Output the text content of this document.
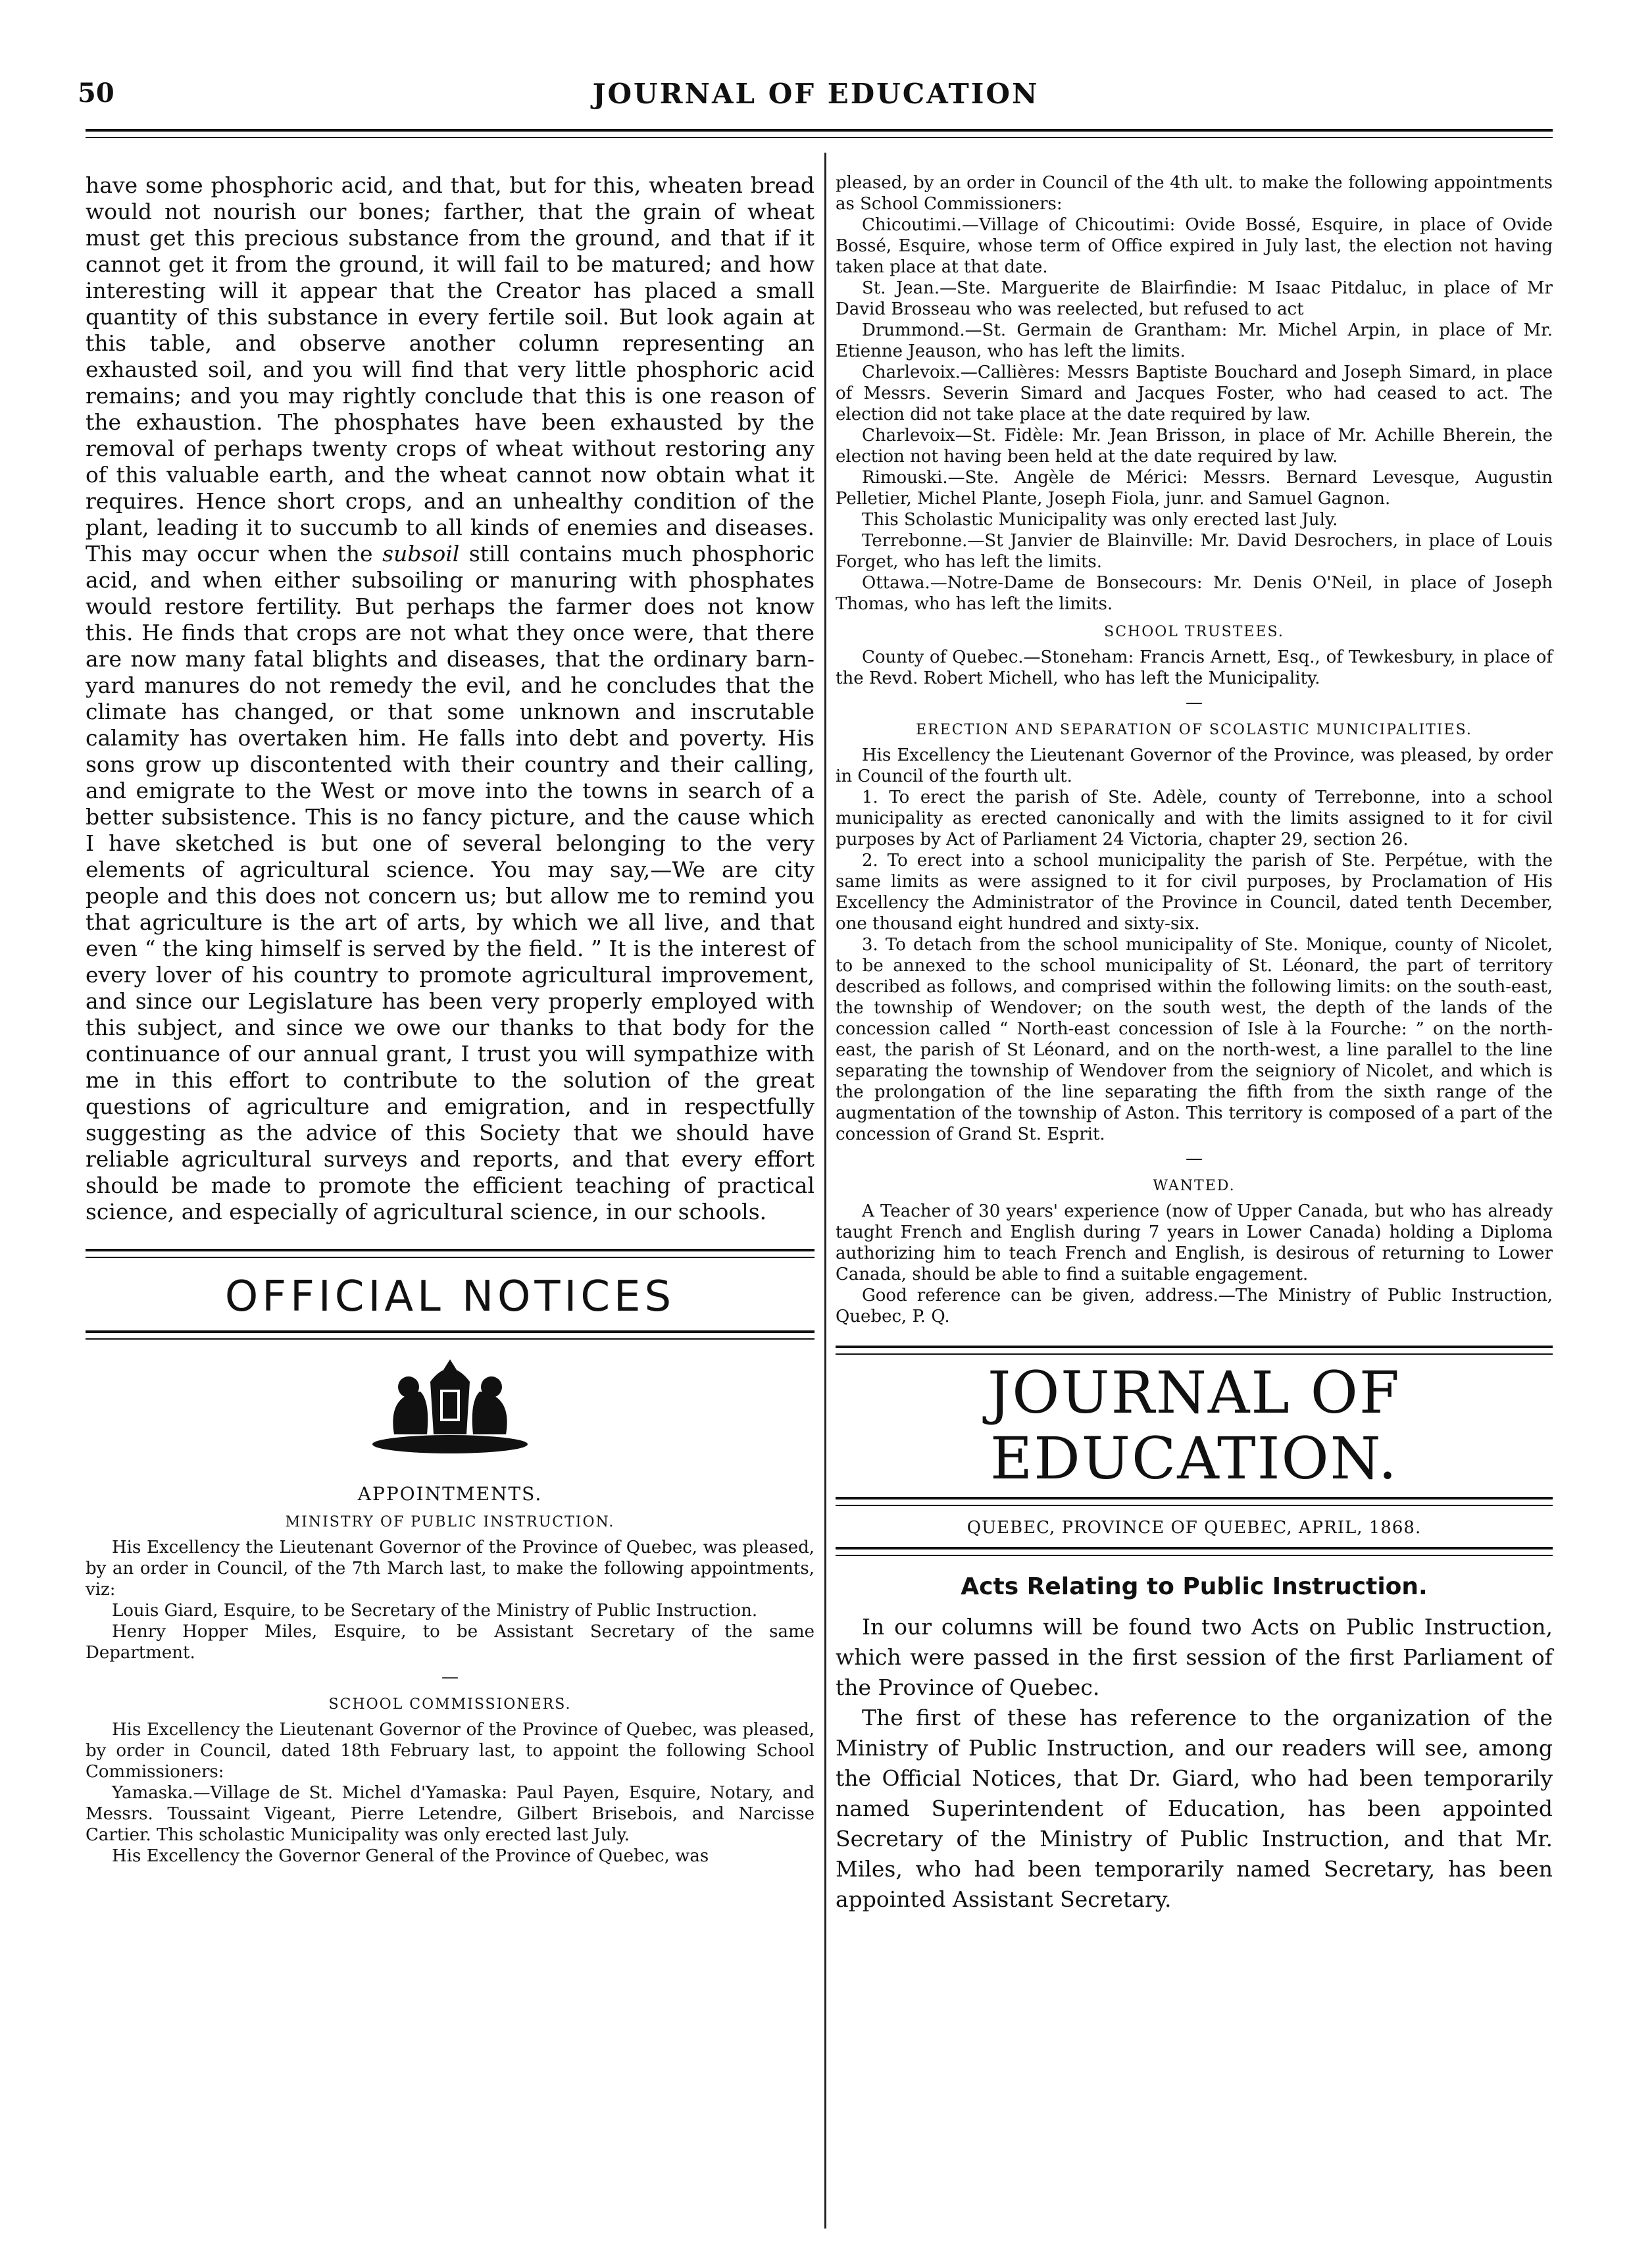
50	JOURNAL OF EDUCATION

have some phosphoric acid, and that, but for this, wheaten bread would not nourish our bones; farther, that the grain of wheat must get this precious substance from the ground, and that if it cannot get it from the ground, it will fail to be matured; and how interesting will it appear that the Creator has placed a small quantity of this substance in every fertile soil. But look again at this table, and observe another column representing an exhausted soil, and you will find that very little phosphoric acid remains; and you may rightly conclude that this is one reason of the exhaustion. The phosphates have been exhausted by the removal of perhaps twenty crops of wheat without restoring any of this valuable earth, and the wheat cannot now obtain what it requires. Hence short crops, and an unhealthy condition of the plant, leading it to succumb to all kinds of enemies and diseases. This may occur when the subsoil still contains much phosphoric acid, and when either subsoiling or manuring with phosphates would restore fertility. But perhaps the farmer does not know this. He finds that crops are not what they once were, that there are now many fatal blights and diseases, that the ordinary barn-yard manures do not remedy the evil, and he concludes that the climate has changed, or that some unknown and inscrutable calamity has overtaken him. He falls into debt and poverty. His sons grow up discontented with their country and their calling, and emigrate to the West or move into the towns in search of a better subsistence. This is no fancy picture, and the cause which I have sketched is but one of several belonging to the very elements of agricultural science. You may say,—We are city people and this does not concern us; but allow me to remind you that agriculture is the art of arts, by which we all live, and that even “ the king himself is served by the field. ” It is the interest of every lover of his country to promote agricultural improvement, and since our Legislature has been very properly employed with this subject, and since we owe our thanks to that body for the continuance of our annual grant, I trust you will sympathize with me in this effort to contribute to the solution of the great questions of agriculture and emigration, and in respectfully suggesting as the advice of this Society that we should have reliable agricultural surveys and reports, and that every effort should be made to promote the efficient teaching of practical science, and especially of agricultural science, in our schools.

OFFICIAL NOTICES
APPOINTMENTS.
MINISTRY OF PUBLIC INSTRUCTION.

His Excellency the Lieutenant Governor of the Province of Quebec, was pleased, by an order in Council, of the 7th March last, to make the following appointments, viz:

Louis Giard, Esquire, to be Secretary of the Ministry of Public Instruction.

Henry Hopper Miles, Esquire, to be Assistant Secretary of the same Department.

—
SCHOOL COMMISSIONERS.

His Excellency the Lieutenant Governor of the Province of Quebec, was pleased, by order in Council, dated 18th February last, to appoint the following School Commissioners:

Yamaska.—Village de St. Michel d'Yamaska: Paul Payen, Esquire, Notary, and Messrs. Toussaint Vigeant, Pierre Letendre, Gilbert Brisebois, and Narcisse Cartier. This scholastic Municipality was only erected last July.

His Excellency the Governor General of the Province of Quebec, was

pleased, by an order in Council of the 4th ult. to make the following appointments as School Commissioners:

Chicoutimi.—Village of Chicoutimi: Ovide Bossé, Esquire, in place of Ovide Bossé, Esquire, whose term of Office expired in July last, the election not having taken place at that date.

St. Jean.—Ste. Marguerite de Blairfindie: M Isaac Pitdaluc, in place of Mr David Brosseau who was reelected, but refused to act

Drummond.—St. Germain de Grantham: Mr. Michel Arpin, in place of Mr. Etienne Jeauson, who has left the limits.

Charlevoix.—Callières: Messrs Baptiste Bouchard and Joseph Simard, in place of Messrs. Severin Simard and Jacques Foster, who had ceased to act. The election did not take place at the date required by law.

Charlevoix—St. Fidèle: Mr. Jean Brisson, in place of Mr. Achille Bherein, the election not having been held at the date required by law.

Rimouski.—Ste. Angèle de Mérici: Messrs. Bernard Levesque, Augustin Pelletier, Michel Plante, Joseph Fiola, junr. and Samuel Gagnon.

This Scholastic Municipality was only erected last July.

Terrebonne.—St Janvier de Blainville: Mr. David Desrochers, in place of Louis Forget, who has left the limits.

Ottawa.—Notre-Dame de Bonsecours: Mr. Denis O'Neil, in place of Joseph Thomas, who has left the limits.

SCHOOL TRUSTEES.

County of Quebec.—Stoneham: Francis Arnett, Esq., of Tewkesbury, in place of the Revd. Robert Michell, who has left the Municipality.

—
ERECTION AND SEPARATION OF SCOLASTIC MUNICIPALITIES.

His Excellency the Lieutenant Governor of the Province, was pleased, by order in Council of the fourth ult.

1. To erect the parish of Ste. Adèle, county of Terrebonne, into a school municipality as erected canonically and with the limits assigned to it for civil purposes by Act of Parliament 24 Victoria, chapter 29, section 26.

2. To erect into a school municipality the parish of Ste. Perpétue, with the same limits as were assigned to it for civil purposes, by Proclamation of His Excellency the Administrator of the Province in Council, dated tenth December, one thousand eight hundred and sixty-six.

3. To detach from the school municipality of Ste. Monique, county of Nicolet, to be annexed to the school municipality of St. Léonard, the part of territory described as follows, and comprised within the following limits: on the south-east, the township of Wendover; on the south west, the depth of the lands of the concession called “ North-east concession of Isle à la Fourche: ” on the north-east, the parish of St Léonard, and on the north-west, a line parallel to the line separating the township of Wendover from the seigniory of Nicolet, and which is the prolongation of the line separating the fifth from the sixth range of the augmentation of the township of Aston. This territory is composed of a part of the concession of Grand St. Esprit.

—
WANTED.

A Teacher of 30 years' experience (now of Upper Canada, but who has already taught French and English during 7 years in Lower Canada) holding a Diploma authorizing him to teach French and English, is desirous of returning to Lower Canada, should be able to find a suitable engagement.

Good reference can be given, address.—The Ministry of Public Instruction, Quebec, P. Q.

JOURNAL OF EDUCATION.
QUEBEC, PROVINCE OF QUEBEC, APRIL, 1868.
Acts Relating to Public Instruction.

In our columns will be found two Acts on Public Instruction, which were passed in the first session of the first Parliament of the Province of Quebec.

The first of these has reference to the organization of the Ministry of Public Instruction, and our readers will see, among the Official Notices, that Dr. Giard, who had been temporarily named Superintendent of Education, has been appointed Secretary of the Ministry of Public Instruction, and that Mr. Miles, who had been temporarily named Secretary, has been appointed Assistant Secretary.
